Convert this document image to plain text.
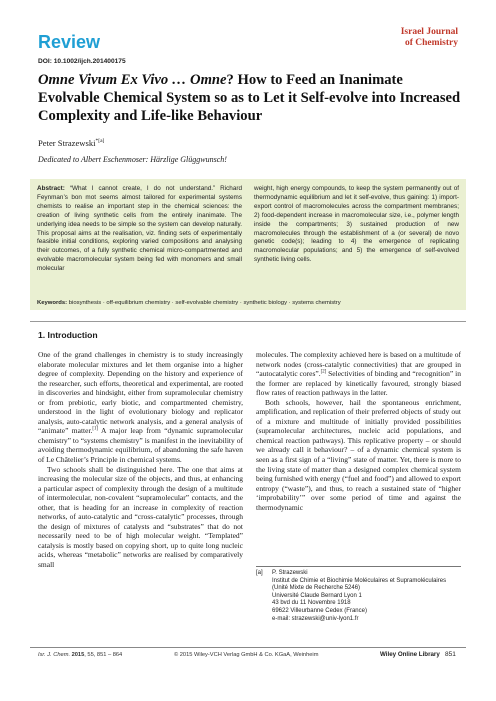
Review	Israel Journal
of Chemistry
DOI: 10.1002/ijch.201400175
Omne Vivum Ex Vivo … Omne? How to Feed an Inanimate Evolvable Chemical System so as to Let it Self-evolve into Increased Complexity and Life-like Behaviour
Peter Strazewski$^{*[a]}$
Dedicated to Albert Eschenmoser: Härzlige Glüggwunsch!
Abstract: “What I cannot create, I do not understand.” Richard Feynman’s bon mot seems almost tailored for experimental systems chemists to realise an important step in the chemical sciences: the creation of living synthetic cells from the entirely inanimate. The underlying idea needs to be simple so the system can develop naturally. This proposal aims at the realisation, viz. finding sets of experimentally feasible initial conditions, exploring varied compositions and analysing their outcomes, of a fully synthetic chemical micro-compartmented and evolvable macromolecular system being fed with monomers and small molecular
weight, high energy compounds, to keep the system permanently out of thermodynamic equilibrium and let it self-evolve, thus gaining: 1) import-export control of macromolecules across the compartment membranes; 2) food-dependent increase in macromolecular size, i.e., polymer length inside the compartments; 3) sustained production of new macromolecules through the establishment of a (or several) de novo genetic code(s); leading to 4) the emergence of replicating macromolecular populations; and 5) the emergence of self-evolved synthetic living cells.
Keywords: biosynthesis · off-equilibrium chemistry · self-evolvable chemistry · synthetic biology · systems chemistry
1. Introduction

One of the grand challenges in chemistry is to study increasingly elaborate molecular mixtures and let them organise into a higher degree of complexity. Depending on the history and experience of the researcher, such efforts, theoretical and experimental, are rooted in discoveries and hindsight, either from supramolecular chemistry or from prebiotic, early biotic, and compartmented chemistry, understood in the light of evolutionary biology and replicator analysis, auto-catalytic network analysis, and a general analysis of “animate” matter.[1] A major leap from “dynamic supramolecular chemistry” to “systems chemistry” is manifest in the inevitability of avoiding thermodynamic equilibrium, of abandoning the safe haven of Le Châtelier’s Principle in chemical systems.

Two schools shall be distinguished here. The one that aims at increasing the molecular size of the objects, and thus, at enhancing a particular aspect of complexity through the design of a multitude of intermolecular, non-covalent “supramolecular” contacts, and the other, that is heading for an increase in complexity of reaction networks, of auto-catalytic and “cross-catalytic” processes, through the design of mixtures of catalysts and “substrates” that do not necessarily need to be of high molecular weight. “Templated” catalysis is mostly based on copying short, up to quite long nucleic acids, whereas “metabolic” networks are realised by comparatively small

molecules. The complexity achieved here is based on a multitude of network nodes (cross-catalytic connectivities) that are grouped in “autocatalytic cores”.[2] Selectivities of binding and “recognition” in the former are replaced by kinetically favoured, strongly biased flow rates of reaction pathways in the latter.

Both schools, however, hail the spontaneous enrichment, amplification, and replication of their preferred objects of study out of a mixture and multitude of initially provided possibilities (supramolecular architectures, nucleic acid populations, and chemical reaction pathways). This replicative property – or should we already call it behaviour? – of a dynamic chemical system is seen as a first sign of a “living” state of matter. Yet, there is more to the living state of matter than a designed complex chemical system being furnished with energy (“fuel and food”) and allowed to export entropy (“waste”), and thus, to reach a sustained state of “higher ‘improbability’” over some period of time and against the thermodynamic

[a]	P. Strazewski
Institut de Chimie et Biochimie Moléculaires et Supramoléculaires (Unité Mixte de Recherche 5246)
Université Claude Bernard Lyon 1
43 bvd du 11 Novembre 1918
69622 Villeurbanne Cedex (France)
e-mail: strazewski@univ-lyon1.fr
Isr. J. Chem. 2015, 55, 851 – 864	© 2015 Wiley-VCH Verlag GmbH & Co. KGaA, Weinheim	Wiley Online Library 851
